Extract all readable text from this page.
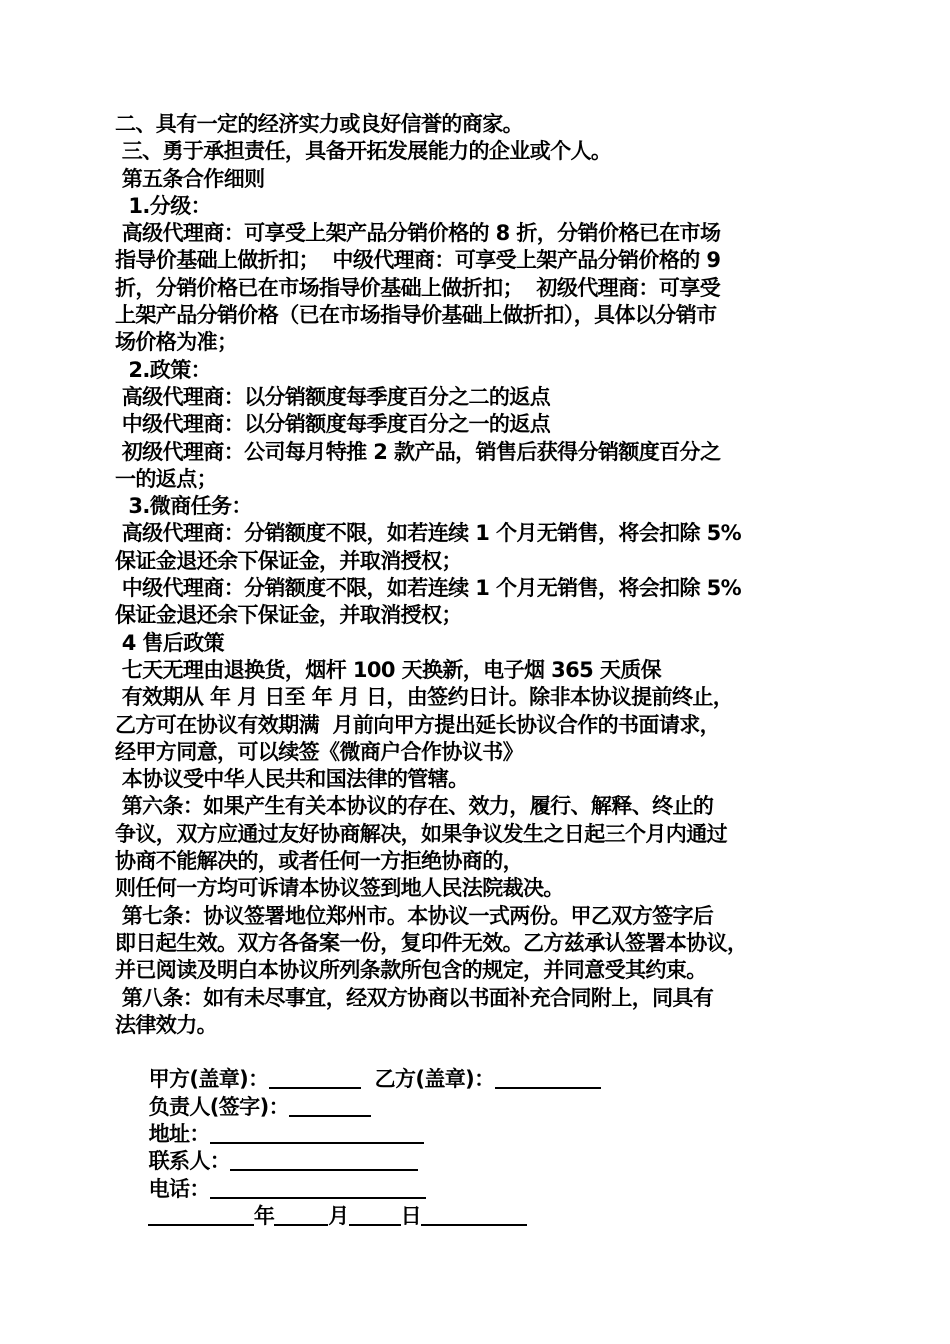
二、具有一定的经济实力或良好信誉的商家。
三、勇于承担责任，具备开拓发展能力的企业或个人。
第五条合作细则
1.分级：
高级代理商：可享受上架产品分销价格的 8 折，分销价格已在市场
指导价基础上做折扣；  中级代理商：可享受上架产品分销价格的 9
折，分销价格已在市场指导价基础上做折扣；  初级代理商：可享受
上架产品分销价格（已在市场指导价基础上做折扣），具体以分销市
场价格为准；
2.政策：
高级代理商：以分销额度每季度百分之二的返点
中级代理商：以分销额度每季度百分之一的返点
初级代理商：公司每月特推 2 款产品，销售后获得分销额度百分之
一的返点；
3.微商任务：
高级代理商：分销额度不限，如若连续 1 个月无销售，将会扣除 5%
保证金退还余下保证金，并取消授权；
中级代理商：分销额度不限，如若连续 1 个月无销售，将会扣除 5%
保证金退还余下保证金，并取消授权；
4 售后政策
七天无理由退换货，烟杆 100 天换新，电子烟 365 天质保
有效期从 年 月 日至 年 月 日，由签约日计。除非本协议提前终止，
乙方可在协议有效期满  月前向甲方提出延长协议合作的书面请求，
经甲方同意，可以续签《微商户合作协议书》
本协议受中华人民共和国法律的管辖。
第六条：如果产生有关本协议的存在、效力，履行、解释、终止的
争议，双方应通过友好协商解决，如果争议发生之日起三个月内通过
协商不能解决的，或者任何一方拒绝协商的，
则任何一方均可诉请本协议签到地人民法院裁决。
第七条：协议签署地位郑州市。本协议一式两份。甲乙双方签字后
即日起生效。双方各备案一份，复印件无效。乙方兹承认签署本协议，
并已阅读及明白本协议所列条款所包含的规定，并同意受其约束。
第八条：如有未尽事宜，经双方协商以书面补充合同附上，同具有
法律效力。

甲方(盖章)：	乙方(盖章)：

负责人(签字)：

地址：

联系人：

电话：

年	月 日
